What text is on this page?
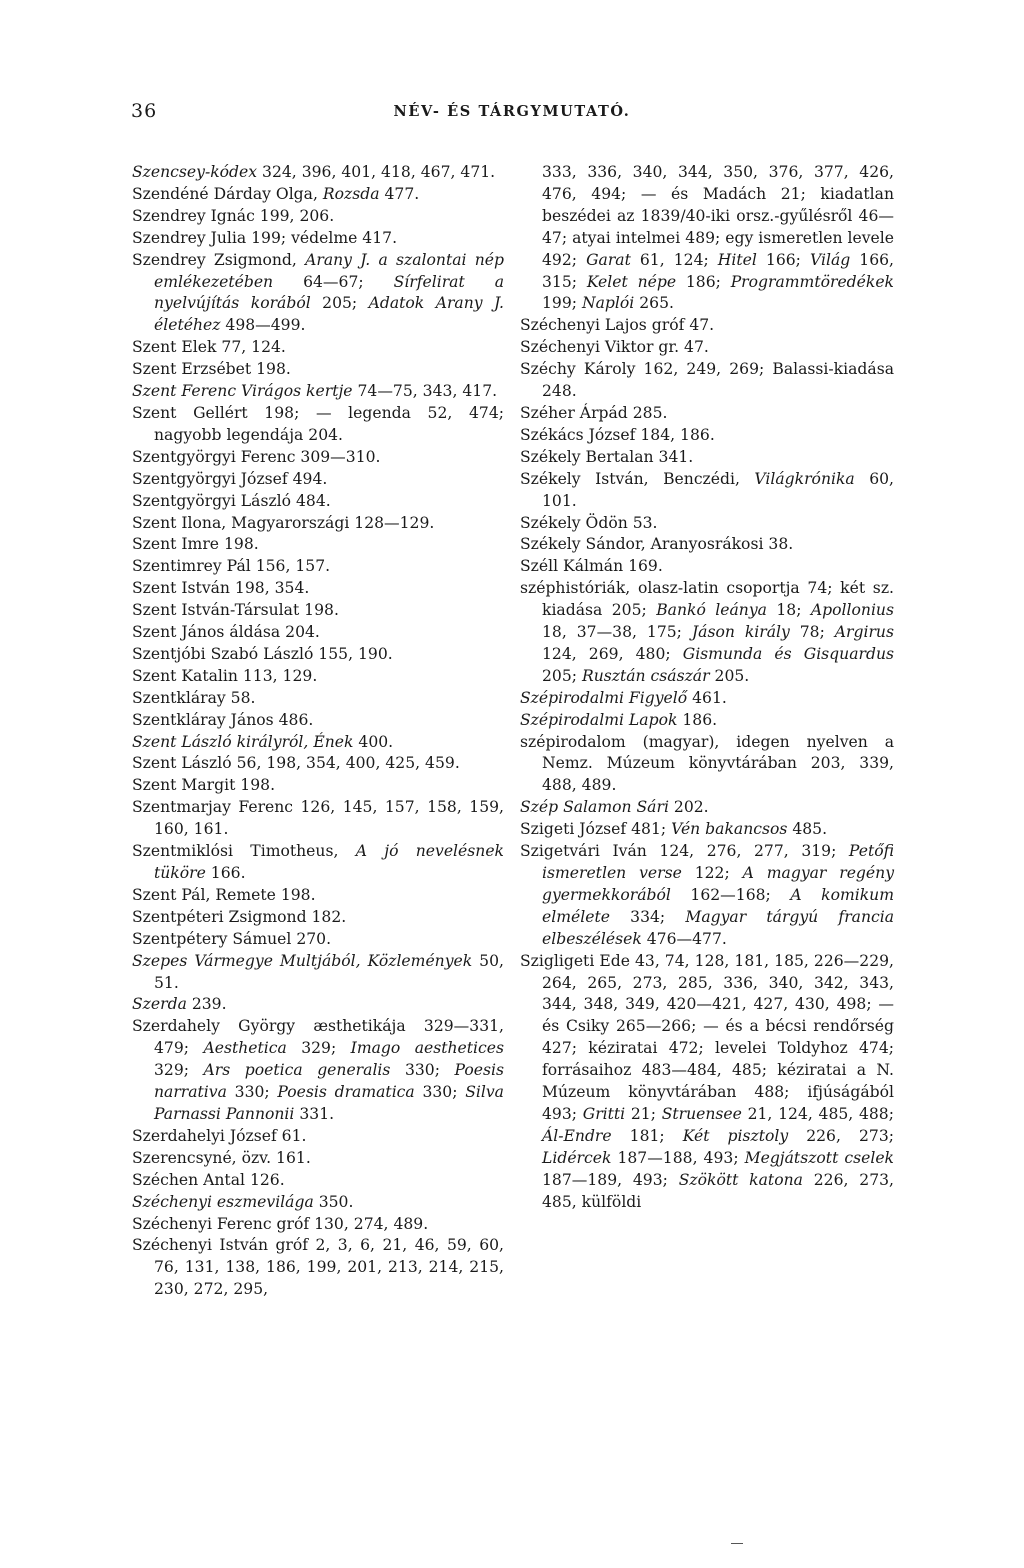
36	NÉV- ÉS TÁRGYMUTATÓ.

Szencsey-kódex 324, 396, 401, 418, 467, 471.

Szendéné Dárday Olga, Rozsda 477.

Szendrey Ignác 199, 206.

Szendrey Julia 199; védelme 417.

Szendrey Zsigmond, Arany J. a szalontai nép emlékezetében 64—67; Sírfelirat a nyelvújítás korából 205; Adatok Arany J. életéhez 498—499.

Szent Elek 77, 124.

Szent Erzsébet 198.

Szent Ferenc Virágos kertje 74—75, 343, 417.

Szent Gellért 198; — legenda 52, 474; nagyobb legendája 204.

Szentgyörgyi Ferenc 309—310.

Szentgyörgyi József 494.

Szentgyörgyi László 484.

Szent Ilona, Magyarországi 128—129.

Szent Imre 198.

Szentimrey Pál 156, 157.

Szent István 198, 354.

Szent István-Társulat 198.

Szent János áldása 204.

Szentjóbi Szabó László 155, 190.

Szent Katalin 113, 129.

Szentkláray 58.

Szentkláray János 486.

Szent László királyról, Ének 400.

Szent László 56, 198, 354, 400, 425, 459.

Szent Margit 198.

Szentmarjay Ferenc 126, 145, 157, 158, 159, 160, 161.

Szentmiklósi Timotheus, A jó nevelésnek tüköre 166.

Szent Pál, Remete 198.

Szentpéteri Zsigmond 182.

Szentpétery Sámuel 270.

Szepes Vármegye Multjából, Közlemények 50, 51.

Szerda 239.

Szerdahely György æsthetikája 329—331, 479; Aesthetica 329; Imago aesthetices 329; Ars poetica generalis 330; Poesis narrativa 330; Poesis dramatica 330; Silva Parnassi Pannonii 331.

Szerdahelyi József 61.

Szerencsyné, özv. 161.

Széchen Antal 126.

Széchenyi eszmevilága 350.

Széchenyi Ferenc gróf 130, 274, 489.

Széchenyi István gróf 2, 3, 6, 21, 46, 59, 60, 76, 131, 138, 186, 199, 201, 213, 214, 215, 230, 272, 295,

333, 336, 340, 344, 350, 376, 377, 426, 476, 494; — és Madách 21; kiadatlan beszédei az 1839/40-iki orsz.-gyűlésről 46—47; atyai intelmei 489; egy ismeretlen levele 492; Garat 61, 124; Hitel 166; Világ 166, 315; Kelet népe 186; Programmtöredékek 199; Naplói 265.

Széchenyi Lajos gróf 47.

Széchenyi Viktor gr. 47.

Széchy Károly 162, 249, 269; Balassi-kiadása 248.

Széher Árpád 285.

Székács József 184, 186.

Székely Bertalan 341.

Székely István, Benczédi, Világkrónika 60, 101.

Székely Ödön 53.

Székely Sándor, Aranyosrákosi 38.

Széll Kálmán 169.

széphistóriák, olasz-latin csoportja 74; két sz. kiadása 205; Bankó leánya 18; Apollonius 18, 37—38, 175; Jáson király 78; Argirus 124, 269, 480; Gismunda és Gisquardus 205; Rusztán császár 205.

Szépirodalmi Figyelő 461.

Szépirodalmi Lapok 186.

szépirodalom (magyar), idegen nyelven a Nemz. Múzeum könyvtárában 203, 339, 488, 489.

Szép Salamon Sári 202.

Szigeti József 481; Vén bakancsos 485.

Szigetvári Iván 124, 276, 277, 319; Petőfi ismeretlen verse 122; A magyar regény gyermekkorából 162—168; A komikum elmélete 334; Magyar tárgyú francia elbeszélések 476—477.

Szigligeti Ede 43, 74, 128, 181, 185, 226—229, 264, 265, 273, 285, 336, 340, 342, 343, 344, 348, 349, 420—421, 427, 430, 498; — és Csiky 265—266; — és a bécsi rendőrség 427; kéziratai 472; levelei Toldyhoz 474; forrásaihoz 483—484, 485; kéziratai a N. Múzeum könyvtárában 488; ifjúságából 493; Gritti 21; Struensee 21, 124, 485, 488; Ál-Endre 181; Két pisztoly 226, 273; Lidércek 187—188, 493; Megjátszott cselek 187—189, 493; Szökött katona 226, 273, 485, külföldi
